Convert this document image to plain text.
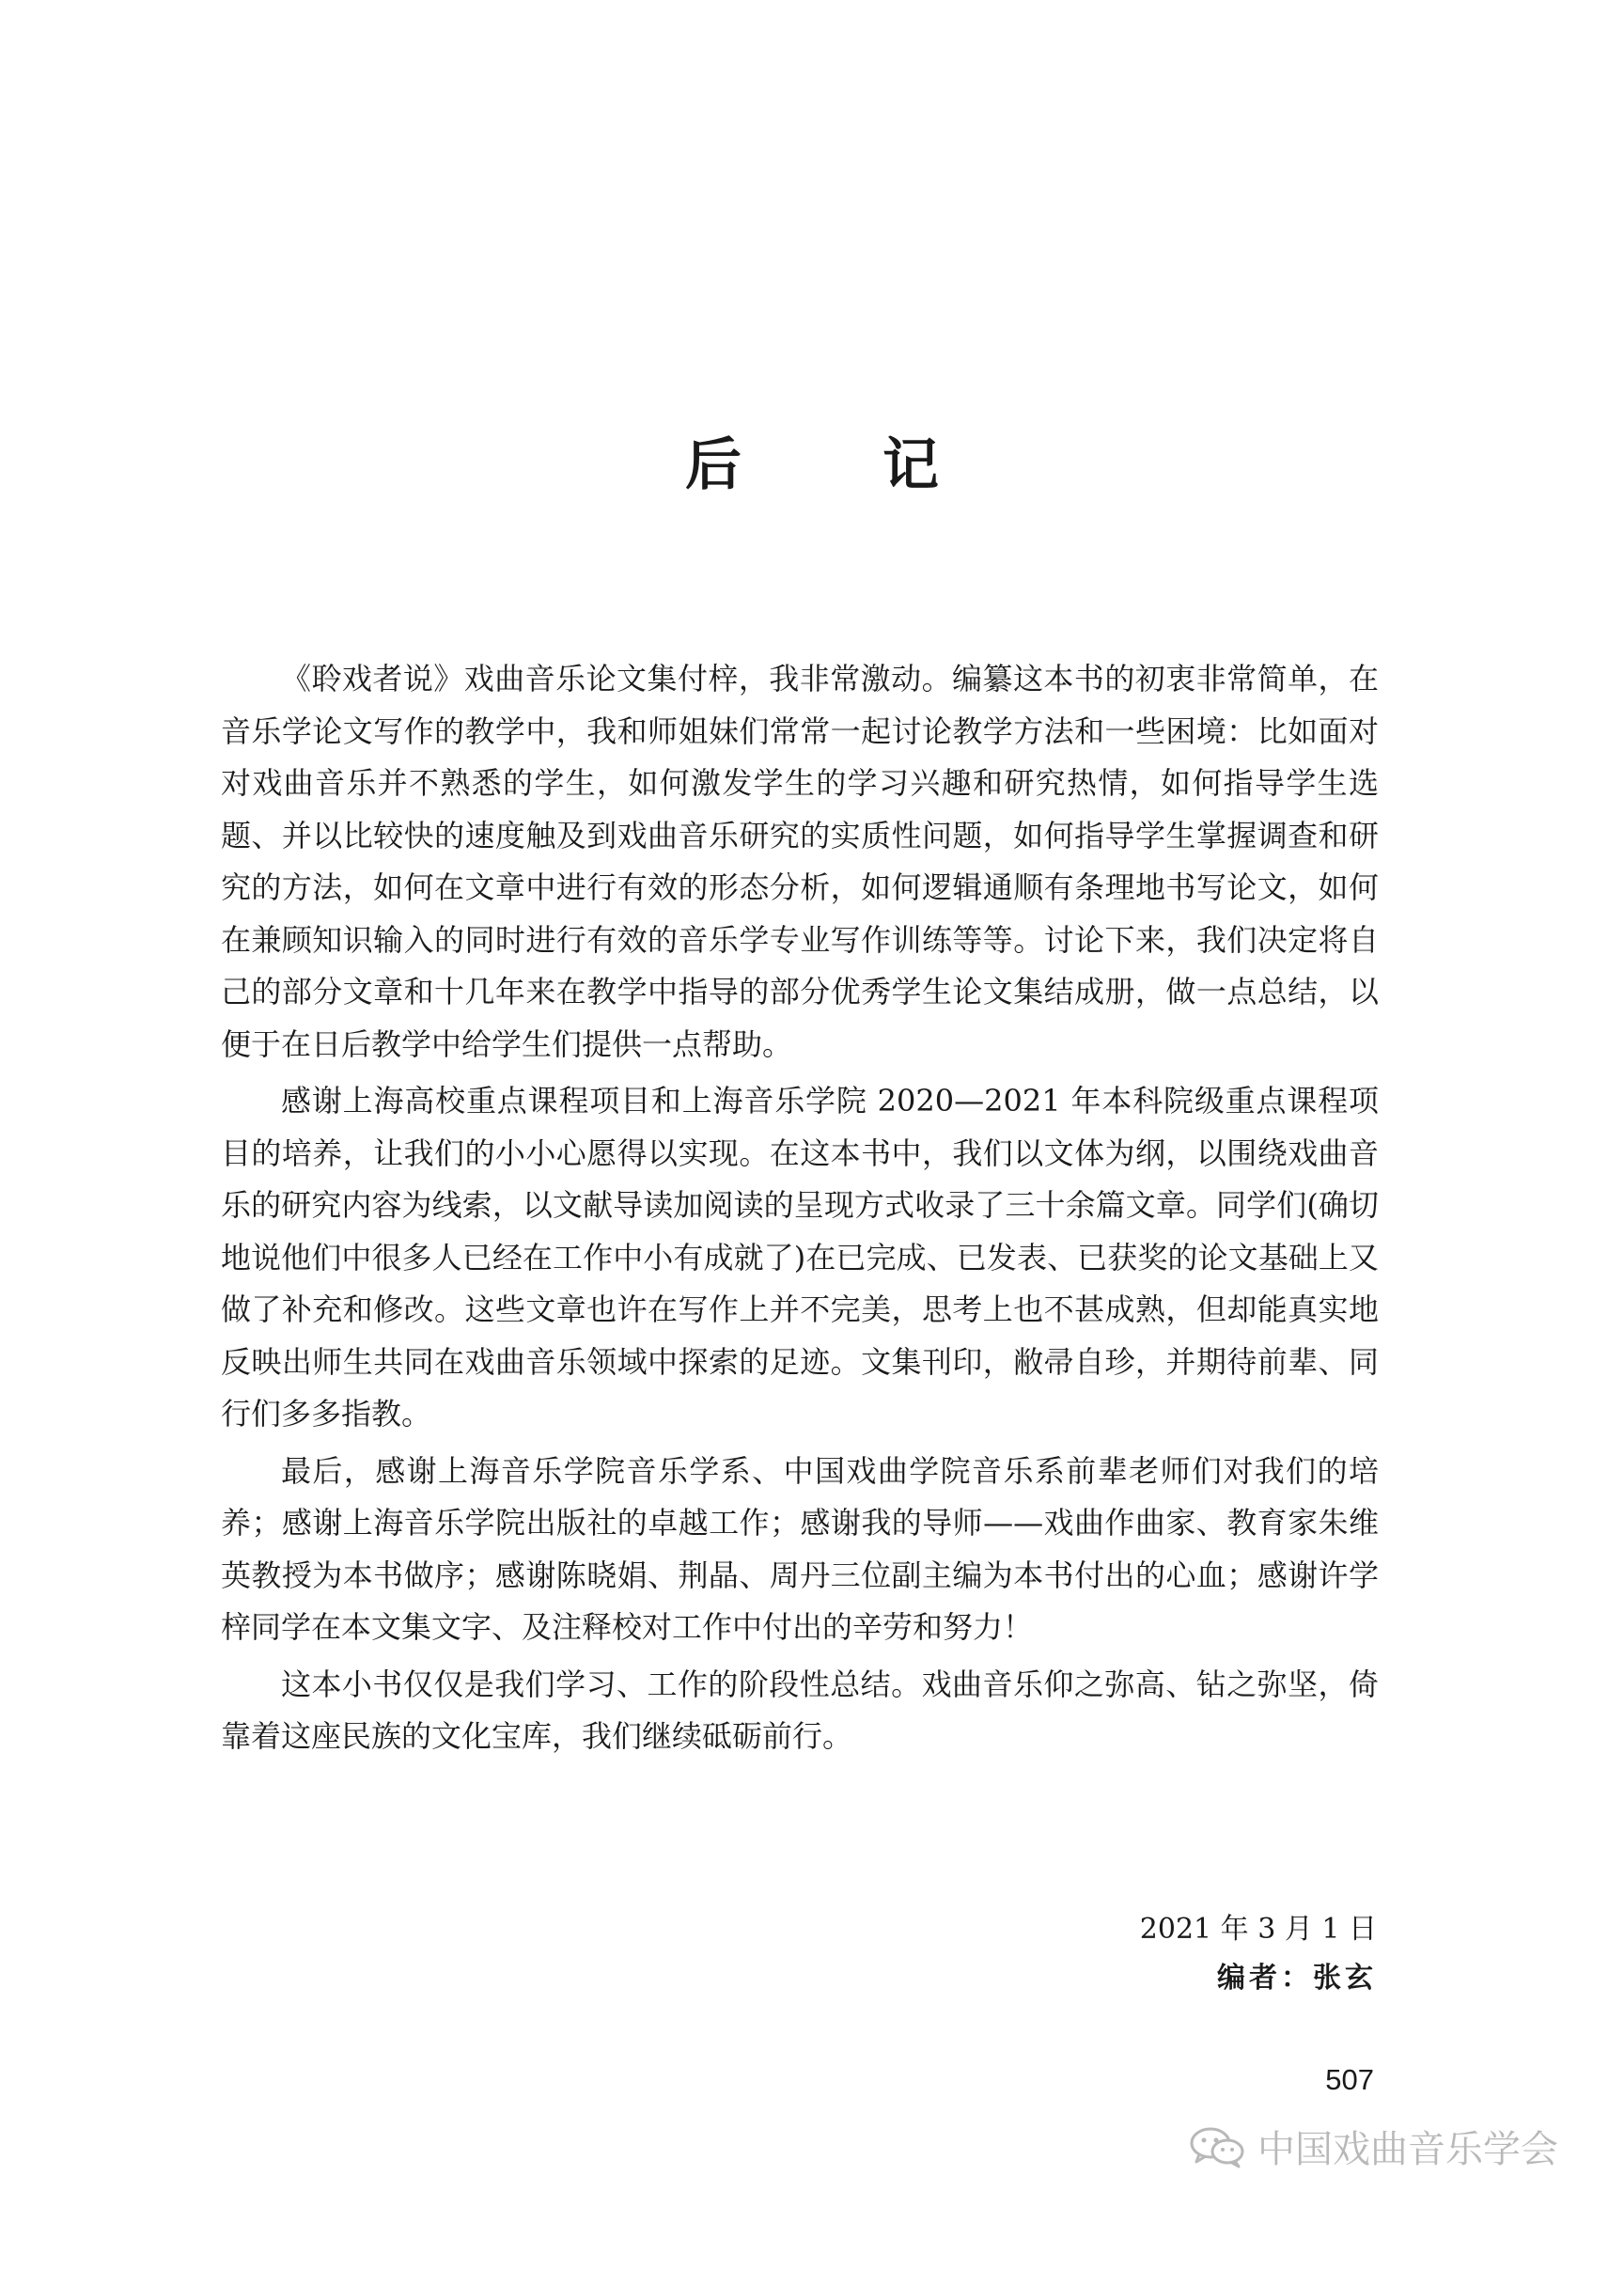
后记

《聆戏者说》戏曲音乐论文集付梓，我非常激动。编纂这本书的初衷非常简单，在音乐学论文写作的教学中，我和师姐妹们常常一起讨论教学方法和一些困境：比如面对对戏曲音乐并不熟悉的学生，如何激发学生的学习兴趣和研究热情，如何指导学生选题、并以比较快的速度触及到戏曲音乐研究的实质性问题，如何指导学生掌握调查和研究的方法，如何在文章中进行有效的形态分析，如何逻辑通顺有条理地书写论文，如何在兼顾知识输入的同时进行有效的音乐学专业写作训练等等。讨论下来，我们决定将自己的部分文章和十几年来在教学中指导的部分优秀学生论文集结成册，做一点总结，以便于在日后教学中给学生们提供一点帮助。

感谢上海高校重点课程项目和上海音乐学院 2020—2021 年本科院级重点课程项目的培养，让我们的小小心愿得以实现。在这本书中，我们以文体为纲，以围绕戏曲音乐的研究内容为线索，以文献导读加阅读的呈现方式收录了三十余篇文章。同学们(确切地说他们中很多人已经在工作中小有成就了)在已完成、已发表、已获奖的论文基础上又做了补充和修改。这些文章也许在写作上并不完美，思考上也不甚成熟，但却能真实地反映出师生共同在戏曲音乐领域中探索的足迹。文集刊印，敝帚自珍，并期待前辈、同行们多多指教。

最后，感谢上海音乐学院音乐学系、中国戏曲学院音乐系前辈老师们对我们的培养；感谢上海音乐学院出版社的卓越工作；感谢我的导师——戏曲作曲家、教育家朱维英教授为本书做序；感谢陈晓娟、荆晶、周丹三位副主编为本书付出的心血；感谢许学梓同学在本文集文字、及注释校对工作中付出的辛劳和努力！

这本小书仅仅是我们学习、工作的阶段性总结。戏曲音乐仰之弥高、钻之弥坚，倚靠着这座民族的文化宝库，我们继续砥砺前行。

2021 年 3 月 1 日
编者：张玄
507
中国戏曲音乐学会
